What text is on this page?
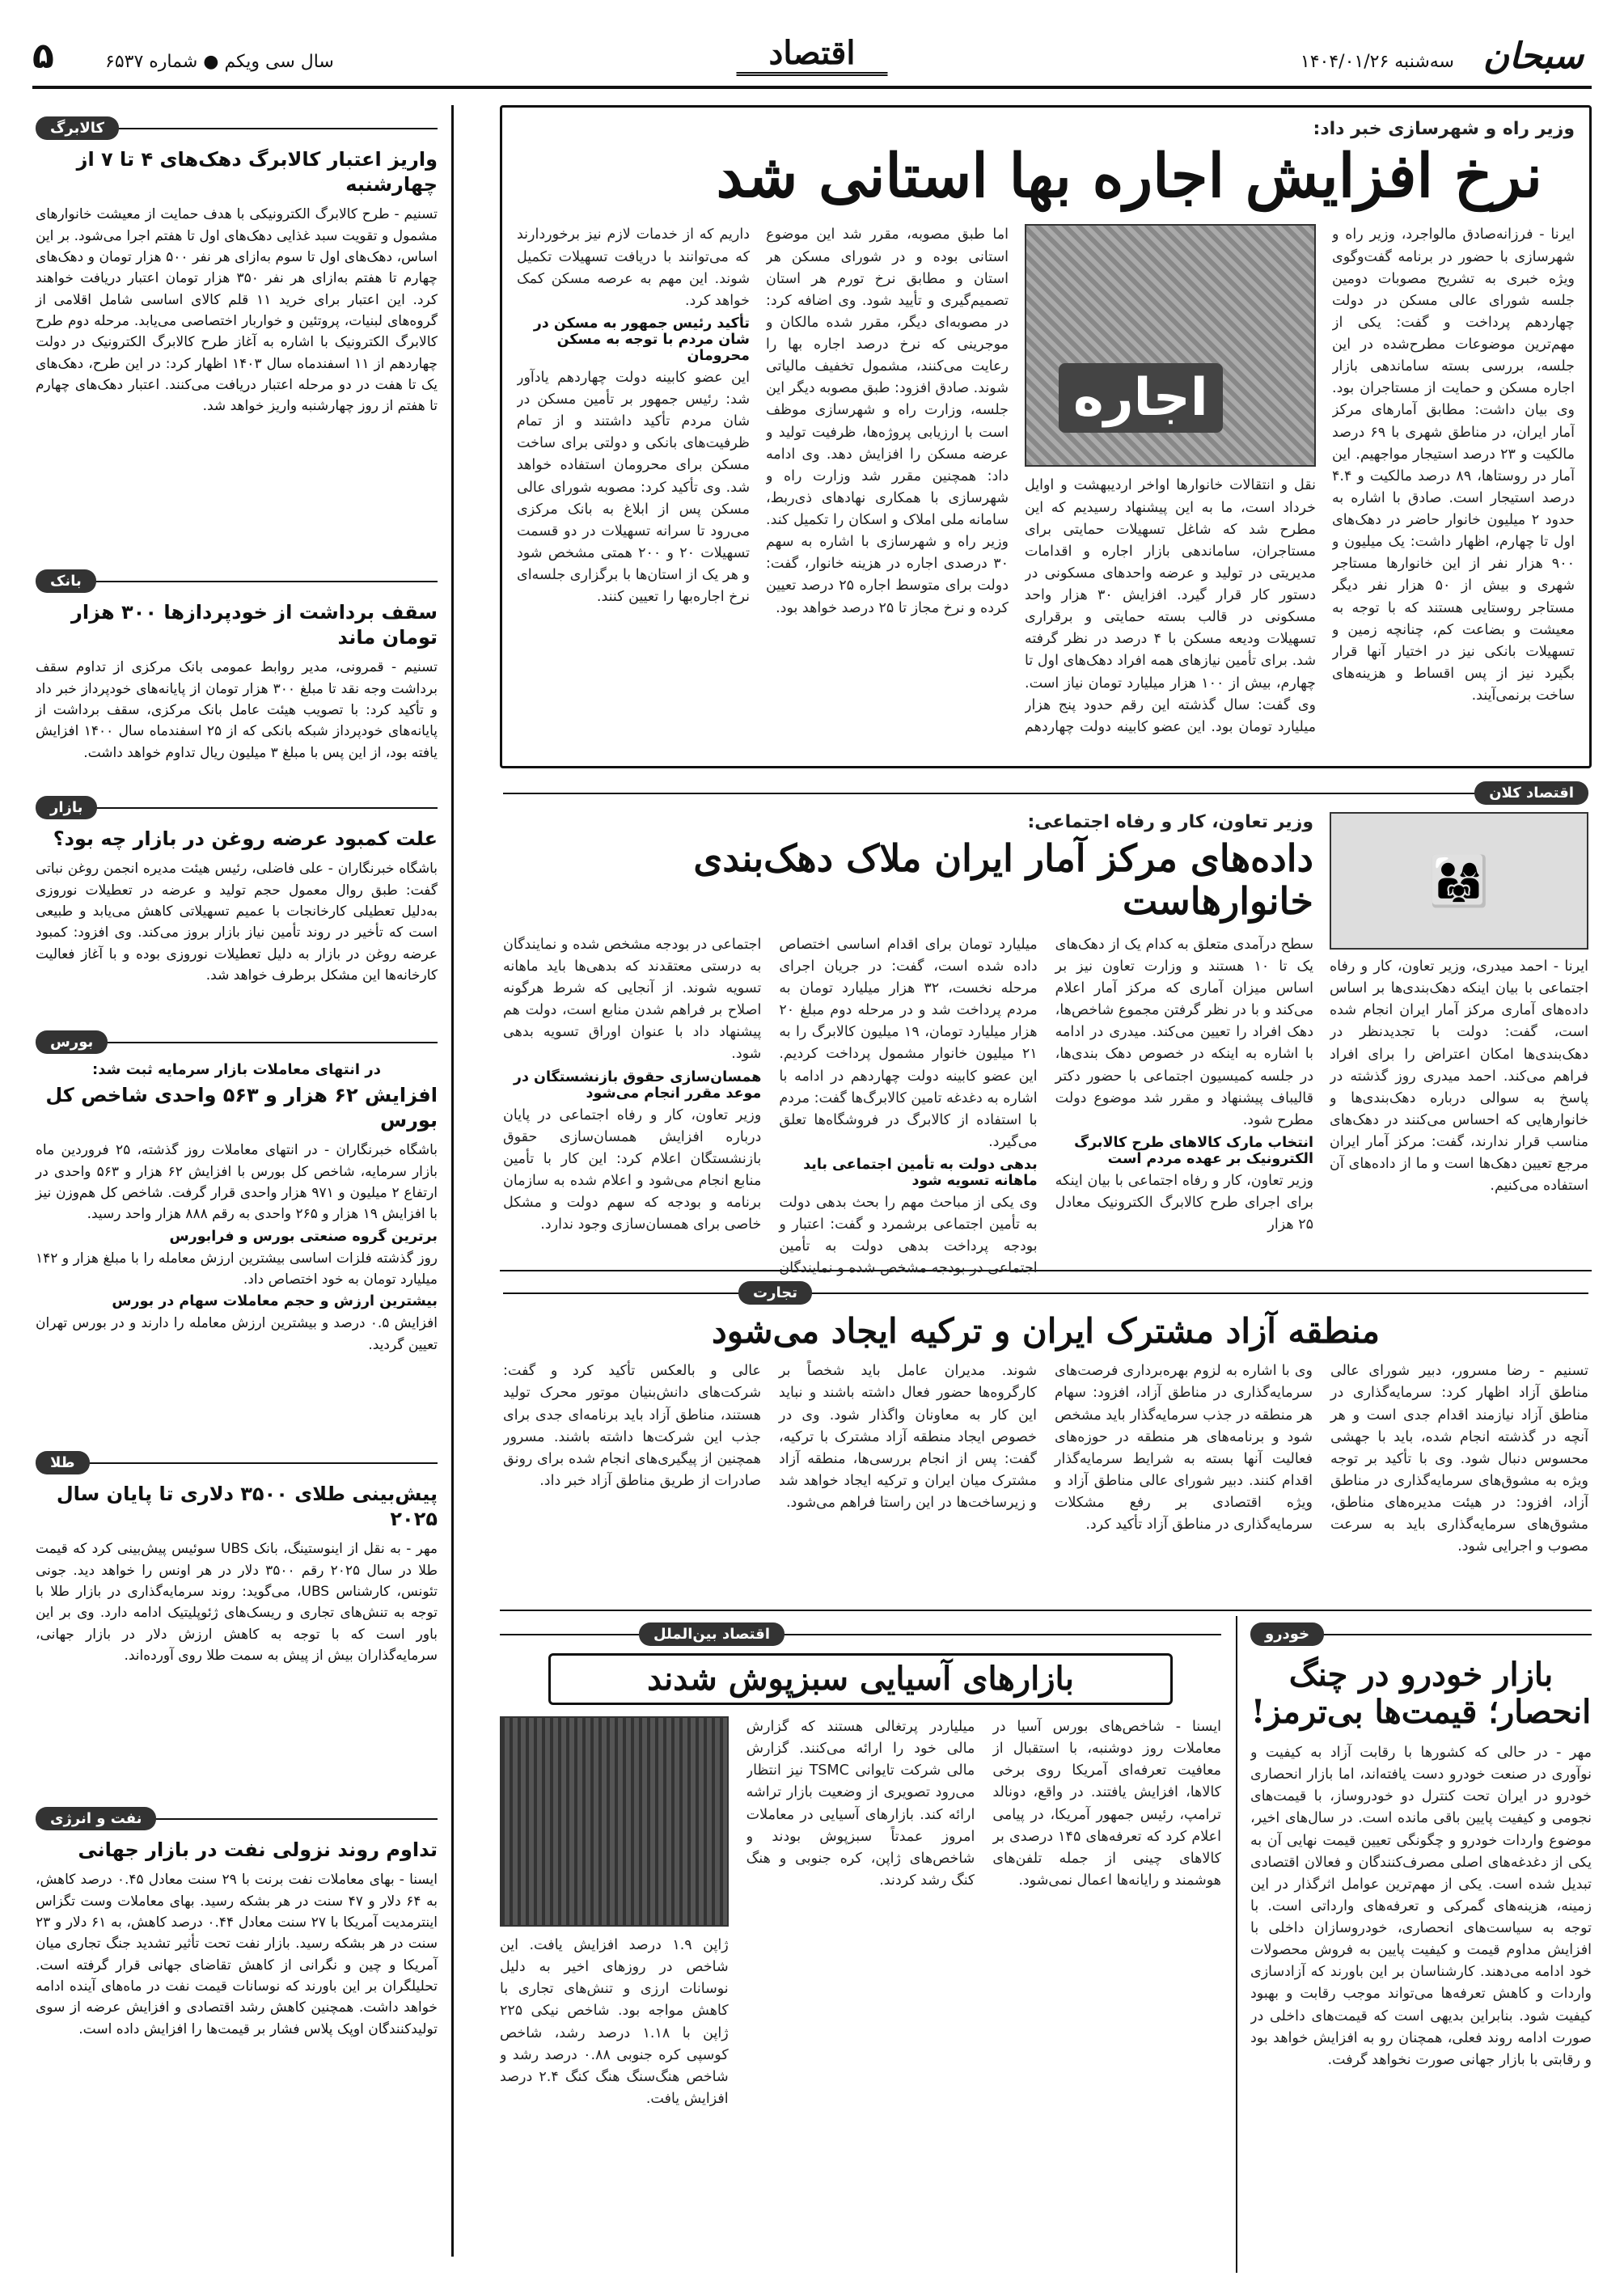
سبحان
سه‌شنبه ۱۴۰۴/۰۱/۲۶
اقتصاد
سال سی ویکم ● شماره ۶۵۳۷
۵
وزیر راه و شهرسازی خبر داد:
نرخ افزایش اجاره بها استانی شد
ایرنا - فرزانه‌صادق مالواجرد، وزیر راه و شهرسازی با حضور در برنامه گفت‌وگوی ویژه خبری به تشریح مصوبات دومین جلسه شورای عالی مسکن در دولت چهاردهم پرداخت و گفت: یکی از مهم‌ترین موضوعات مطرح‌شده در این جلسه، بررسی بسته ساماندهی بازار اجاره مسکن و حمایت از مستاجران بود. وی بیان داشت: مطابق آمارهای مرکز آمار ایران، در مناطق شهری با ۶۹ درصد مالکیت و ۲۳ درصد استیجار مواجهیم. این آمار در روستاها، ۸۹ درصد مالکیت و ۴.۴ درصد استیجار است. صادق با اشاره به حدود ۲ میلیون خانوار حاضر در دهک‌های اول تا چهارم، اظهار داشت: یک میلیون و ۹۰۰ هزار نفر از این خانوارها مستاجر شهری و بیش از ۵۰ هزار نفر دیگر مستاجر روستایی هستند که با توجه به معیشت و بضاعت کم، چنانچه زمین و تسهیلات بانکی نیز در اختیار آنها قرار بگیرد نیز از پس اقساط و هزینه‌های ساخت برنمی‌آیند.
اجاره
نقل و انتقالات خانوارها اواخر اردیبهشت و اوایل خرداد است، ما به این پیشنهاد رسیدیم که این مطرح شد که شاغل تسهیلات حمایتی برای مستاجران، ساماندهی بازار اجاره و اقدامات مدیریتی در تولید و عرضه واحدهای مسکونی در دستور کار قرار گیرد. افزایش ۳۰ هزار واحد مسکونی در قالب بسته حمایتی و برقراری تسهیلات ودیعه مسکن با ۴ درصد در نظر گرفته شد. برای تأمین نیازهای همه افراد دهک‌های اول تا چهارم، بیش از ۱۰۰ هزار میلیارد تومان نیاز است. وی گفت: سال گذشته این رقم حدود پنج هزار میلیارد تومان بود. این عضو کابینه دولت چهاردهم
اما طبق مصوبه، مقرر شد این موضوع استانی بوده و در شورای مسکن هر استان و مطابق نرخ تورم هر استان تصمیم‌گیری و تأیید شود. وی اضافه کرد: در مصوبه‌ای دیگر، مقرر شده مالکان و موجرینی که نرخ درصد اجاره بها را رعایت می‌کنند، مشمول تخفیف مالیاتی شوند. صادق افزود: طبق مصوبه دیگر این جلسه، وزارت راه و شهرسازی موظف است با ارزیابی پروژه‌ها، ظرفیت تولید و عرضه مسکن را افزایش دهد. وی ادامه داد: همچنین مقرر شد وزارت راه و شهرسازی با همکاری نهادهای ذی‌ربط، سامانه ملی املاک و اسکان را تکمیل کند. وزیر راه و شهرسازی با اشاره به سهم ۳۰ درصدی اجاره در هزینه خانوار، گفت: دولت برای متوسط اجاره ۲۵ درصد تعیین کرده و نرخ مجاز تا ۲۵ درصد خواهد بود.
داریم که از خدمات لازم نیز برخوردارند که می‌توانند با دریافت تسهیلات تکمیل شوند. این مهم به عرصه مسکن کمک خواهد کرد.
تأکید رئیس جمهور به مسکن در شان مردم با توجه به مسکن محرومان
این عضو کابینه دولت چهاردهم یادآور شد: رئیس جمهور بر تأمین مسکن در شان مردم تأکید داشتند و از تمام ظرفیت‌های بانکی و دولتی برای ساخت مسکن برای محرومان استفاده خواهد شد. وی تأکید کرد: مصوبه شورای عالی مسکن پس از ابلاغ به بانک مرکزی می‌رود تا سرانه تسهیلات در دو قسمت تسهیلات ۲۰ و ۲۰۰ همتی مشخص شود و هر یک از استان‌ها با برگزاری جلسه‌ای نرخ اجاره‌بها را تعیین کنند.
اقتصاد کلان
👨‍👩‍👧
ایرنا - احمد میدری، وزیر تعاون، کار و رفاه اجتماعی با بیان اینکه دهک‌بندی‌ها بر اساس داده‌های آماری مرکز آمار ایران انجام شده است، گفت: دولت با تجدیدنظر در دهک‌بندی‌ها امکان اعتراض را برای افراد فراهم می‌کند. احمد میدری روز گذشته در پاسخ به سوالی درباره دهک‌بندی‌ها و خانوارهایی که احساس می‌کنند در دهک‌های مناسب قرار ندارند، گفت: مرکز آمار ایران مرجع تعیین دهک‌ها است و ما از داده‌های آن استفاده می‌کنیم.
وزیر تعاون، کار و رفاه اجتماعی:
داده‌های مرکز آمار ایران ملاک دهک‌بندی خانوارهاست
سطح درآمدی متعلق به کدام یک از دهک‌های یک تا ۱۰ هستند و وزارت تعاون نیز بر اساس میزان آماری که مرکز آمار اعلام می‌کند و با در نظر گرفتن مجموع شاخص‌ها، دهک افراد را تعیین می‌کند. میدری در ادامه با اشاره به اینکه در خصوص دهک بندی‌ها، در جلسه کمیسیون اجتماعی با حضور دکتر قالیباف پیشنهاد و مقرر شد موضوع دولت مطرح شود.
انتخاب مارک کالاهای طرح کالابرگ الکترونیک بر عهده مردم است
وزیر تعاون، کار و رفاه اجتماعی با بیان اینکه برای اجرای طرح کالابرگ الکترونیک معادل ۲۵ هزار
میلیارد تومان برای اقدام اساسی اختصاص داده شده است، گفت: در جریان اجرای مرحله نخست، ۳۲ هزار میلیارد تومان به مردم پرداخت شد و در مرحله دوم مبلغ ۲۰ هزار میلیارد تومان، ۱۹ میلیون کالابرگ را به ۲۱ میلیون خانوار مشمول پرداخت کردیم. این عضو کابینه دولت چهاردهم در ادامه با اشاره به دغدغه تامین کالابرگ‌ها گفت: مردم با استفاده از کالابرگ در فروشگاه‌ها تعلق می‌گیرد.
بدهی دولت به تأمین اجتماعی باید ماهانه تسویه شود
وی یکی از مباحث مهم را بحث بدهی دولت به تأمین اجتماعی برشمرد و گفت: اعتبار و بودجه پرداخت بدهی دولت به تأمین اجتماعی در بودجه مشخص شده و نمایندگان
اجتماعی در بودجه مشخص شده و نمایندگان به درستی معتقدند که بدهی‌ها باید ماهانه تسویه شوند. از آنجایی که شرط هرگونه اصلاح بر فراهم شدن منابع است، دولت هم پیشنهاد داد با عنوان اوراق تسویه بدهی شود.
همسان‌سازی حقوق بازنشستگان در موعد مقرر انجام می‌شود
وزیر تعاون، کار و رفاه اجتماعی در پایان درباره افزایش همسان‌سازی حقوق بازنشستگان اعلام کرد: این کار با تأمین منابع انجام می‌شود و اعلام شده به سازمان برنامه و بودجه که سهم دولت و مشکل خاصی برای همسان‌سازی وجود ندارد.
تجارت
منطقه آزاد مشترک ایران و ترکیه ایجاد می‌شود
تسنیم - رضا مسرور، دبیر شورای عالی مناطق آزاد اظهار کرد: سرمایه‌گذاری در مناطق آزاد نیازمند اقدام جدی است و هر آنچه در گذشته انجام شده، باید با جهشی محسوس دنبال شود. وی با تأکید بر توجه ویژه به مشوق‌های سرمایه‌گذاری در مناطق آزاد، افزود: در هیئت مدیره‌های مناطق، مشوق‌های سرمایه‌گذاری باید به سرعت مصوب و اجرایی شود.
وی با اشاره به لزوم بهره‌برداری فرصت‌های سرمایه‌گذاری در مناطق آزاد، افزود: سهام هر منطقه در جذب سرمایه‌گذار باید مشخص شود و برنامه‌های هر منطقه در حوزه‌های فعالیت آنها بسته به شرایط سرمایه‌گذار اقدام کنند. دبیر شورای عالی مناطق آزاد و ویژه اقتصادی بر رفع مشکلات سرمایه‌گذاری در مناطق آزاد تأکید کرد.
شوند. مدیران عامل باید شخصاً بر کارگروه‌ها حضور فعال داشته باشند و نباید این کار به معاونان واگذار شود. وی در خصوص ایجاد منطقه آزاد مشترک با ترکیه، گفت: پس از انجام بررسی‌ها، منطقه آزاد مشترک میان ایران و ترکیه ایجاد خواهد شد و زیرساخت‌ها در این راستا فراهم می‌شود.
عالی و بالعکس تأکید کرد و گفت: شرکت‌های دانش‌بنیان موتور محرک تولید هستند، مناطق آزاد باید برنامه‌ای جدی برای جذب این شرکت‌ها داشته باشند. مسرور همچنین از پیگیری‌های انجام شده برای رونق صادرات از طریق مناطق آزاد خبر داد.
خودرو
بازار خودرو در چنگ انحصار؛ قیمت‌ها بی‌ترمز!
مهر - در حالی که کشورها با رقابت آزاد به کیفیت و نوآوری در صنعت خودرو دست یافته‌اند، اما بازار انحصاری خودرو در ایران تحت کنترل دو خودروساز، با قیمت‌های نجومی و کیفیت پایین باقی مانده است. در سال‌های اخیر، موضوع واردات خودرو و چگونگی تعیین قیمت نهایی آن به یکی از دغدغه‌های اصلی مصرف‌کنندگان و فعالان اقتصادی تبدیل شده است. یکی از مهم‌ترین عوامل اثرگذار در این زمینه، هزینه‌های گمرکی و تعرفه‌های وارداتی است. با توجه به سیاست‌های انحصاری، خودروسازان داخلی با افزایش مداوم قیمت و کیفیت پایین به فروش محصولات خود ادامه می‌دهند. کارشناسان بر این باورند که آزادسازی واردات و کاهش تعرفه‌ها می‌تواند موجب رقابت و بهبود کیفیت شود. بنابراین بدیهی است که قیمت‌های داخلی در صورت ادامه روند فعلی، همچنان رو به افزایش خواهد بود و رقابتی با بازار جهانی صورت نخواهد گرفت.
اقتصاد بین‌الملل
بازارهای آسیایی سبزپوش شدند
ایسنا - شاخص‌های بورس آسیا در معاملات روز دوشنبه، با استقبال از معافیت تعرفه‌ای آمریکا روی برخی کالاها، افزایش یافتند. در واقع، دونالد ترامپ، رئیس جمهور آمریکا، در پیامی اعلام کرد که تعرفه‌های ۱۴۵ درصدی بر کالاهای چینی از جمله تلفن‌های هوشمند و رایانه‌ها اعمال نمی‌شود.
میلیاردر پرتغالی هستند که گزارش مالی خود را ارائه می‌کنند. گزارش مالی شرکت تایوانی TSMC نیز انتظار می‌رود تصویری از وضعیت بازار تراشه ارائه کند. بازارهای آسیایی در معاملات امروز عمدتاً سبزپوش بودند و شاخص‌های ژاپن، کره جنوبی و هنگ کنگ رشد کردند.
ژاپن ۱.۹ درصد افزایش یافت. این شاخص در روزهای اخیر به دلیل نوسانات ارزی و تنش‌های تجاری با کاهش مواجه بود. شاخص نیکی ۲۲۵ ژاپن با ۱.۱۸ درصد رشد، شاخص کوسپی کره جنوبی ۰.۸۸ درصد رشد و شاخص هنگ‌سنگ هنگ کنگ ۲.۴ درصد افزایش یافت.
کالابرگ
واریز اعتبار کالابرگ دهک‌های ۴ تا ۷ از چهارشنبه

تسنیم - طرح کالابرگ الکترونیکی با هدف حمایت از معیشت خانوارهای مشمول و تقویت سبد غذایی دهک‌های اول تا هفتم اجرا می‌شود. بر این اساس، دهک‌های اول تا سوم به‌ازای هر نفر ۵۰۰ هزار تومان و دهک‌های چهارم تا هفتم به‌ازای هر نفر ۳۵۰ هزار تومان اعتبار دریافت خواهند کرد. این اعتبار برای خرید ۱۱ قلم کالای اساسی شامل اقلامی از گروه‌های لبنیات، پروتئین و خواربار اختصاصی می‌یابد. مرحله دوم طرح کالابرگ الکترونیک با اشاره به آغاز طرح کالابرگ الکترونیک در دولت چهاردهم از ۱۱ اسفندماه سال ۱۴۰۳ اظهار کرد: در این طرح، دهک‌های یک تا هفت در دو مرحله اعتبار دریافت می‌کنند. اعتبار دهک‌های چهارم تا هفتم از روز چهارشنبه واریز خواهد شد.

بانک
سقف برداشت از خودپردازها ۳۰۰ هزار تومان ماند

تسنیم - قمرونی، مدیر روابط عمومی بانک مرکزی از تداوم سقف برداشت وجه نقد تا مبلغ ۳۰۰ هزار تومان از پایانه‌های خودپرداز خبر داد و تأکید کرد: با تصویب هیئت عامل بانک مرکزی، سقف برداشت از پایانه‌های خودپرداز شبکه بانکی که از ۲۵ اسفندماه سال ۱۴۰۰ افزایش یافته بود، از این پس با مبلغ ۳ میلیون ریال تداوم خواهد داشت.

بازار
علت کمبود عرضه روغن در بازار چه بود؟

باشگاه خبرنگاران - علی فاضلی، رئیس هیئت مدیره انجمن روغن نباتی گفت: طبق روال معمول حجم تولید و عرضه در تعطیلات نوروزی به‌دلیل تعطیلی کارخانجات با عمیم تسهیلاتی کاهش می‌یابد و طبیعی است که تأخیر در روند تأمین نیاز بازار بروز می‌کند. وی افزود: کمبود عرضه روغن در بازار به دلیل تعطیلات نوروزی بوده و با آغاز فعالیت کارخانه‌ها این مشکل برطرف خواهد شد.

بورس
در انتهای معاملات بازار سرمایه ثبت شد:
افزایش ۶۲ هزار و ۵۶۳ واحدی شاخص کل بورس

باشگاه خبرنگاران - در انتهای معاملات روز گذشته، ۲۵ فروردین ماه بازار سرمایه، شاخص کل بورس با افزایش ۶۲ هزار و ۵۶۳ واحدی در ارتفاع ۲ میلیون و ۹۷۱ هزار واحدی قرار گرفت. شاخص کل هم‌وزن نیز با افزایش ۱۹ هزار و ۲۶۵ واحدی به رقم ۸۸۸ هزار واحد رسید.

برترین گروه صنعتی بورس و فرابورس

روز گذشته فلزات اساسی بیشترین ارزش معامله را با مبلغ هزار و ۱۴۲ میلیارد تومان به خود اختصاص داد.

بیشترین ارزش و حجم معاملات سهام در بورس

افزایش ۰.۵ درصد و بیشترین ارزش معامله را دارند و در بورس تهران تعیین گردید.

طلا
پیش‌بینی طلای ۳۵۰۰ دلاری تا پایان سال ۲۰۲۵

مهر - به نقل از اینوستینگ، بانک UBS سوئیس پیش‌بینی کرد که قیمت طلا در سال ۲۰۲۵ رقم ۳۵۰۰ دلار در هر اونس را خواهد دید. جونی تئونس، کارشناس UBS، می‌گوید: روند سرمایه‌گذاری در بازار طلا با توجه به تنش‌های تجاری و ریسک‌های ژئوپلیتیک ادامه دارد. وی بر این باور است که با توجه به کاهش ارزش دلار در بازار جهانی، سرمایه‌گذاران بیش از پیش به سمت طلا روی آورده‌اند.

نفت و انرژی
تداوم روند نزولی نفت در بازار جهانی

ایسنا - بهای معاملات نفت برنت با ۲۹ سنت معادل ۰.۴۵ درصد کاهش، به ۶۴ دلار و ۴۷ سنت در هر بشکه رسید. بهای معاملات وست تگزاس اینترمدیت آمریکا با ۲۷ سنت معادل ۰.۴۴ درصد کاهش، به ۶۱ دلار و ۲۳ سنت در هر بشکه رسید. بازار نفت تحت تأثیر تشدید جنگ تجاری میان آمریکا و چین و نگرانی از کاهش تقاضای جهانی قرار گرفته است. تحلیلگران بر این باورند که نوسانات قیمت نفت در ماه‌های آینده ادامه خواهد داشت. همچنین کاهش رشد اقتصادی و افزایش عرضه از سوی تولیدکنندگان اوپک پلاس فشار بر قیمت‌ها را افزایش داده است.
